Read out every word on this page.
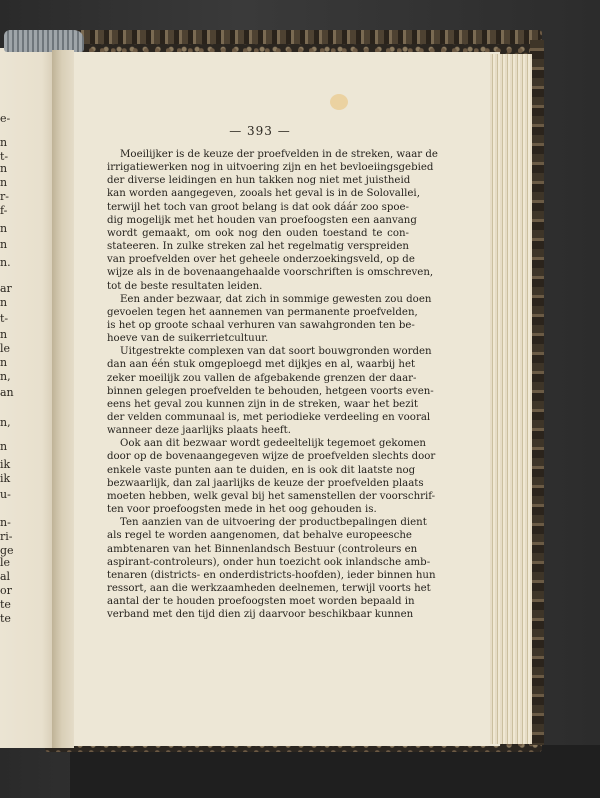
e-
n
t-
n
n
r-
f-
n
n
n.
ar
n
t-
n
le
n
n,
an
n,
n
ik
ik
u-
n-
ri-
ge
le
al
or
te
te
— 393 —
Moeilijker is de keuze der proefvelden in de streken, waar de
irrigatiewerken nog in uitvoering zijn en het bevloeiingsgebied
der diverse leidingen en hun takken nog niet met juistheid
kan worden aangegeven, zooals het geval is in de Solovallei,
terwijl het toch van groot belang is dat ook dáár zoo spoe-
dig mogelijk met het houden van proefoogsten een aanvang
wordt gemaakt, om ook nog den ouden toestand te con-
stateeren. In zulke streken zal het regelmatig verspreiden
van proefvelden over het geheele onderzoekingsveld, op de
wijze als in de bovenaangehaalde voorschriften is omschreven,
tot de beste resultaten leiden.
Een ander bezwaar, dat zich in sommige gewesten zou doen
gevoelen tegen het aannemen van permanente proefvelden,
is het op groote schaal verhuren van sawahgronden ten be-
hoeve van de suikerrietcultuur.
Uitgestrekte complexen van dat soort bouwgronden worden
dan aan één stuk omgeploegd met dijkjes en al, waarbij het
zeker moeilijk zou vallen de afgebakende grenzen der daar-
binnen gelegen proefvelden te behouden, hetgeen voorts even-
eens het geval zou kunnen zijn in de streken, waar het bezit
der velden communaal is, met periodieke verdeeling en vooral
wanneer deze jaarlijks plaats heeft.
Ook aan dit bezwaar wordt gedeeltelijk tegemoet gekomen
door op de bovenaangegeven wijze de proefvelden slechts door
enkele vaste punten aan te duiden, en is ook dit laatste nog
bezwaarlijk, dan zal jaarlijks de keuze der proefvelden plaats
moeten hebben, welk geval bij het samenstellen der voorschrif-
ten voor proefoogsten mede in het oog gehouden is.
Ten aanzien van de uitvoering der productbepalingen dient
als regel te worden aangenomen, dat behalve europeesche
ambtenaren van het Binnenlandsch Bestuur (controleurs en
aspirant-controleurs), onder hun toezicht ook inlandsche amb-
tenaren (districts- en onderdistricts-hoofden), ieder binnen hun
ressort, aan die werkzaamheden deelnemen, terwijl voorts het
aantal der te houden proefoogsten moet worden bepaald in
verband met den tijd dien zij daarvoor beschikbaar kunnen
